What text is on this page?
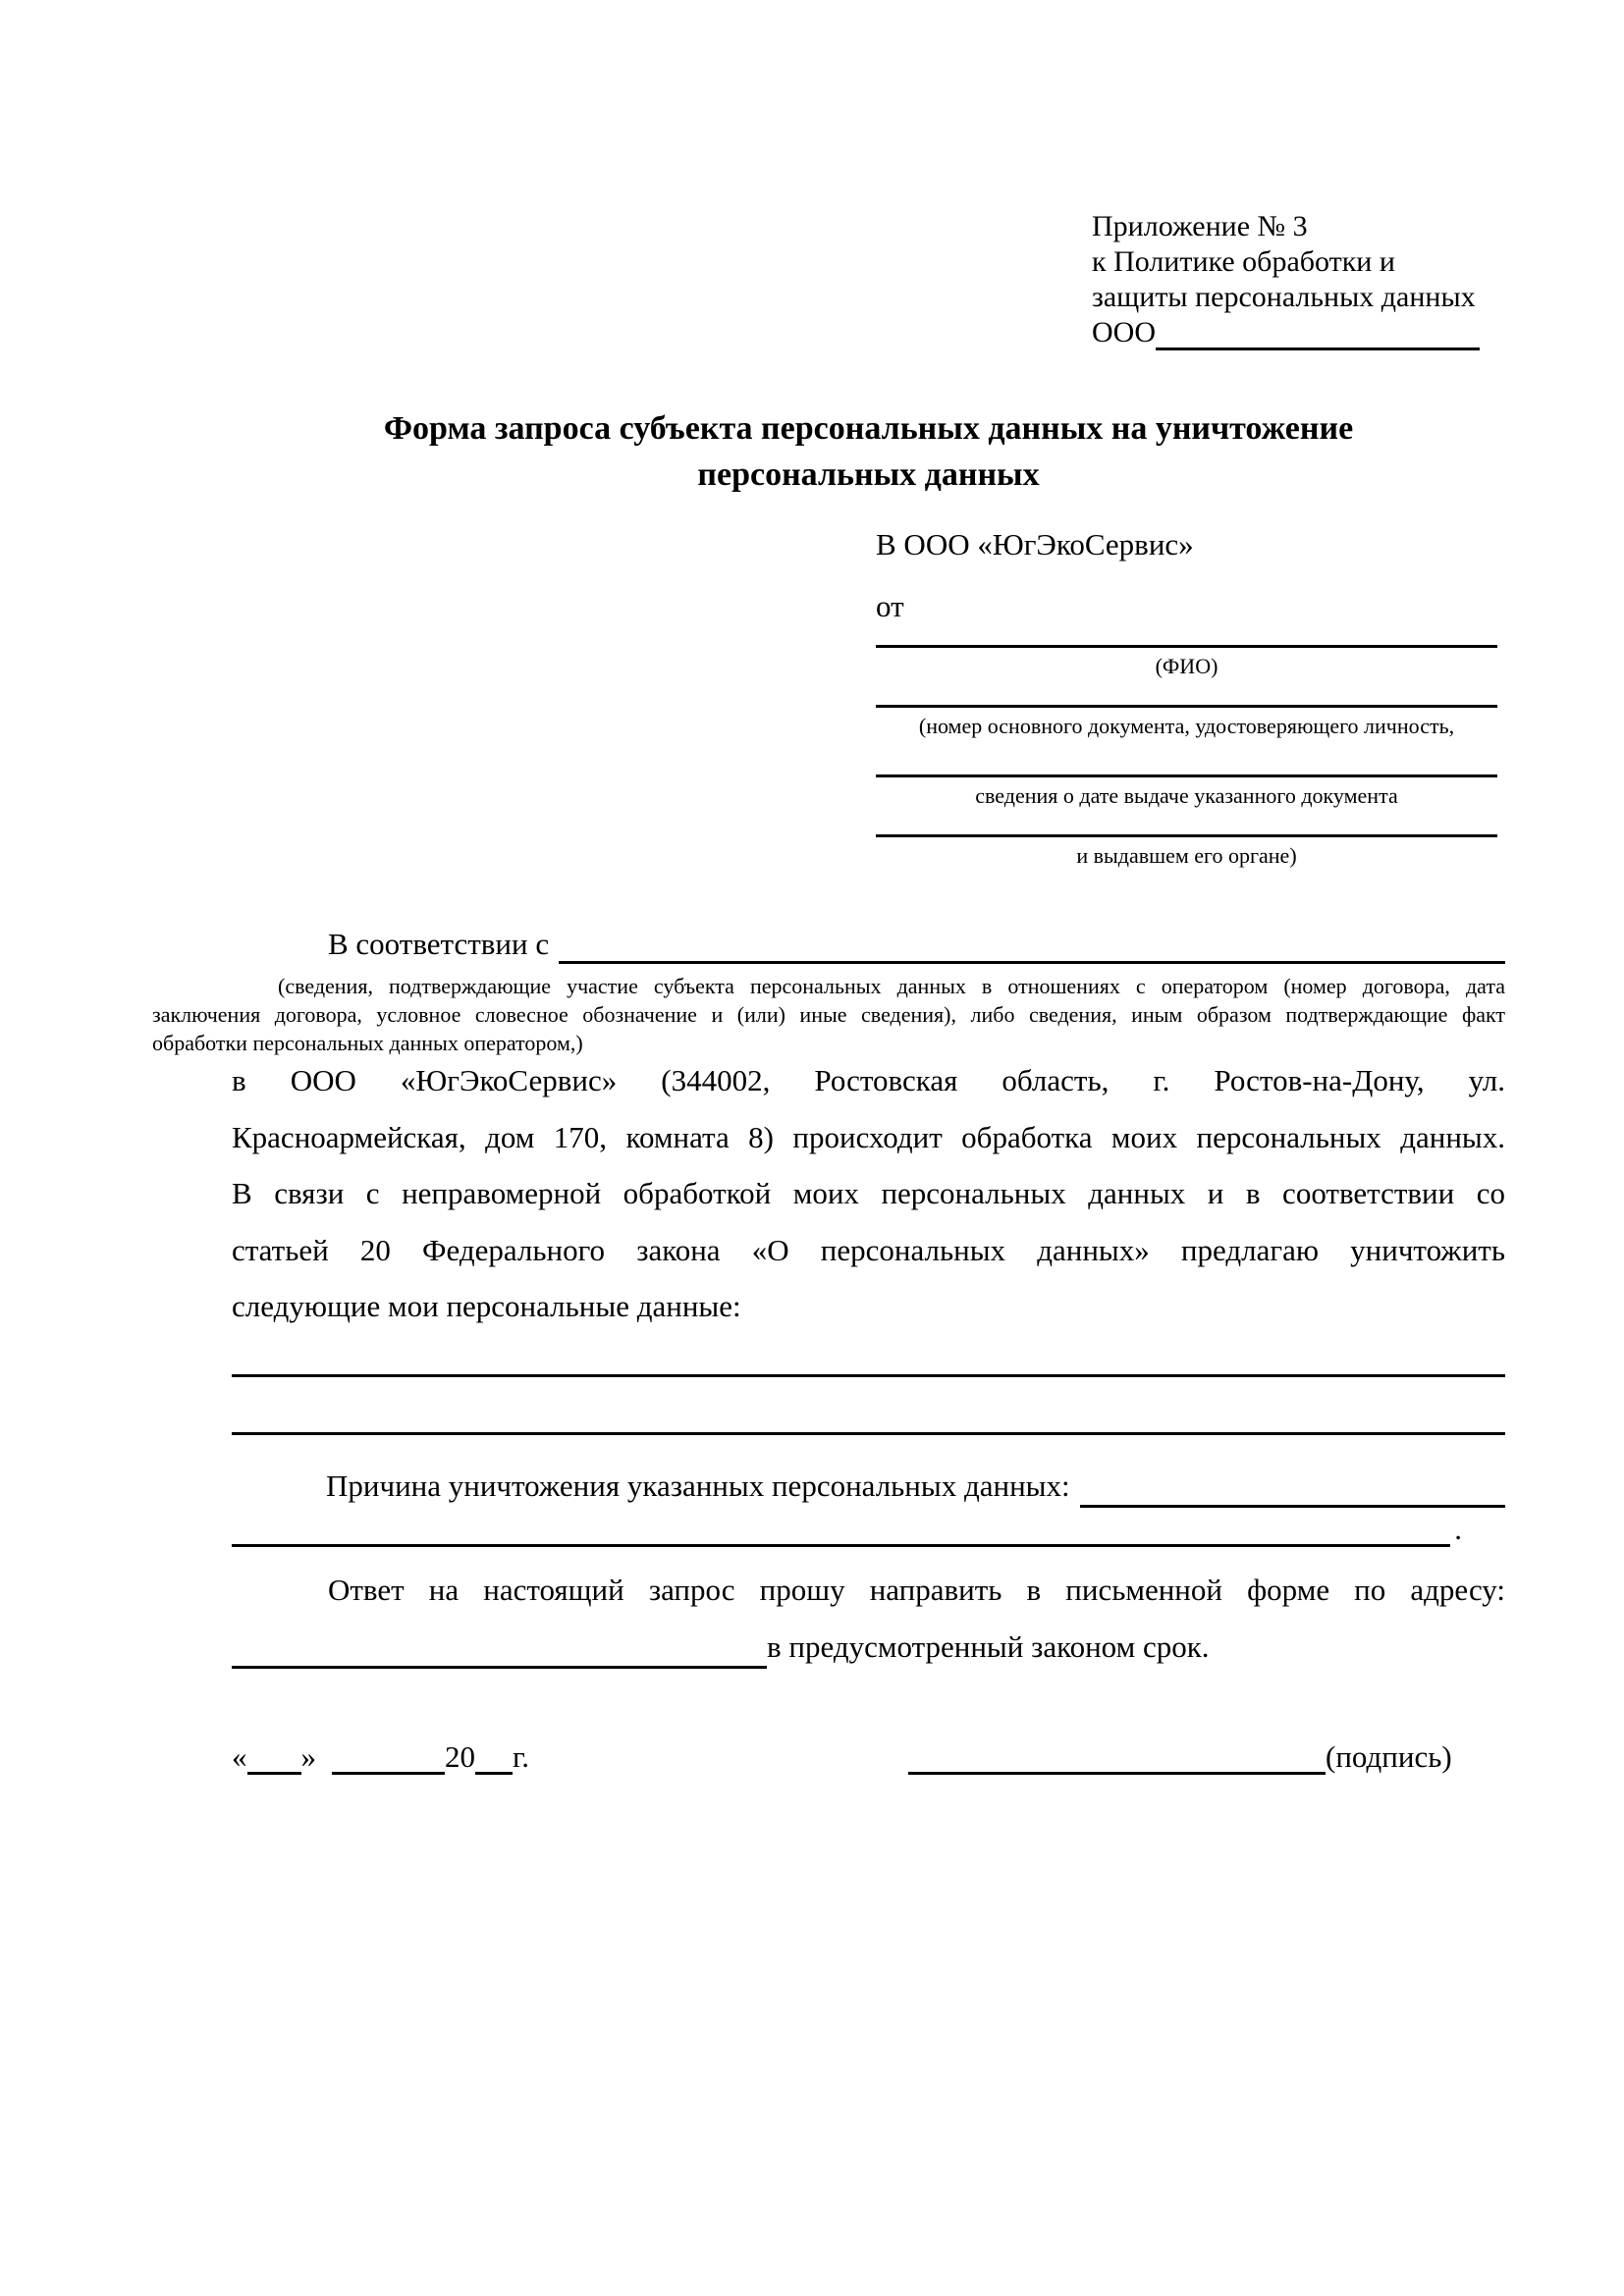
Приложение № 3
к Политике обработки и
защиты персональных данных
ООО
Форма запроса субъекта персональных данных на уничтожение
персональных данных
В ООО «ЮгЭкоСервис»
от
(ФИО)
(номер основного документа, удостоверяющего личность,
сведения о дате выдаче указанного документа
и выдавшем его органе)
В соответствии с
(сведения, подтверждающие участие субъекта персональных данных в отношениях с оператором (номер договора, дата
заключения договора, условное словесное обозначение и (или) иные сведения), либо сведения, иным образом подтверждающие факт
обработки персональных данных оператором,)
в ООО «ЮгЭкоСервис» (344002, Ростовская область, г. Ростов-на-Дону, ул.
Красноармейская, дом 170, комната 8) происходит обработка моих персональных данных.
В связи с неправомерной обработкой моих персональных данных и в соответствии со
статьей 20 Федерального закона «О персональных данных» предлагаю уничтожить
следующие мои персональные данные:
Причина уничтожения указанных персональных данных:
.
Ответ на настоящий запрос прошу направить в письменной форме по адресу:
в предусмотренный законом срок.
« »	20 г.	(подпись)
